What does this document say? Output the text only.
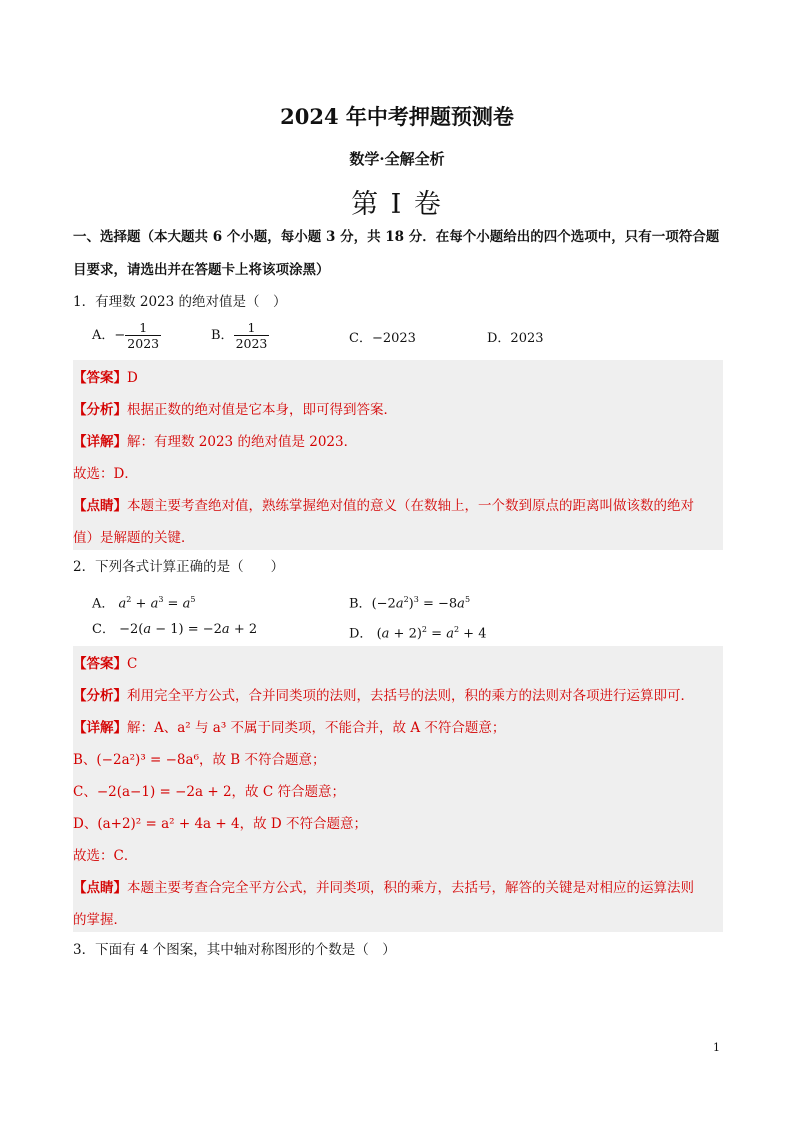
2024 年中考押题预测卷
数学·全解全析
第 I 卷
一、选择题（本大题共 6 个小题，每小题 3 分，共 18 分．在每个小题给出的四个选项中，只有一项符合题
目要求，请选出并在答题卡上将该项涂黑）
1．有理数 2023 的绝对值是（　）
A．− $\frac{1}{2023}$	B． $\frac{1}{2023}$	C．−2023	D．2023
【答案】D
【分析】根据正数的绝对值是它本身，即可得到答案．
【详解】解：有理数 2023 的绝对值是 2023．
故选：D．
【点睛】本题主要考查绝对值，熟练掌握绝对值的意义（在数轴上，一个数到原点的距离叫做该数的绝对
值）是解题的关键．
2．下列各式计算正确的是（　　）
A． $a^2 + a^3 = a^5$	B．$(-2a^2)^3 = -8a^5$
C． −2(a − 1) = −2a + 2	D． $(a + 2)^2 = a^2 + 4$
【答案】C
【分析】利用完全平方公式，合并同类项的法则，去括号的法则，积的乘方的法则对各项进行运算即可．
【详解】解：A、a² 与 a³ 不属于同类项，不能合并，故 A 不符合题意；
B、(−2a²)³ = −8a⁶，故 B 不符合题意；
C、−2(a−1) = −2a + 2，故 C 符合题意；
D、(a+2)² = a² + 4a + 4，故 D 不符合题意；
故选：C．
【点睛】本题主要考查合完全平方公式，并同类项，积的乘方，去括号，解答的关键是对相应的运算法则
的掌握．
3．下面有 4 个图案，其中轴对称图形的个数是（　）
1
